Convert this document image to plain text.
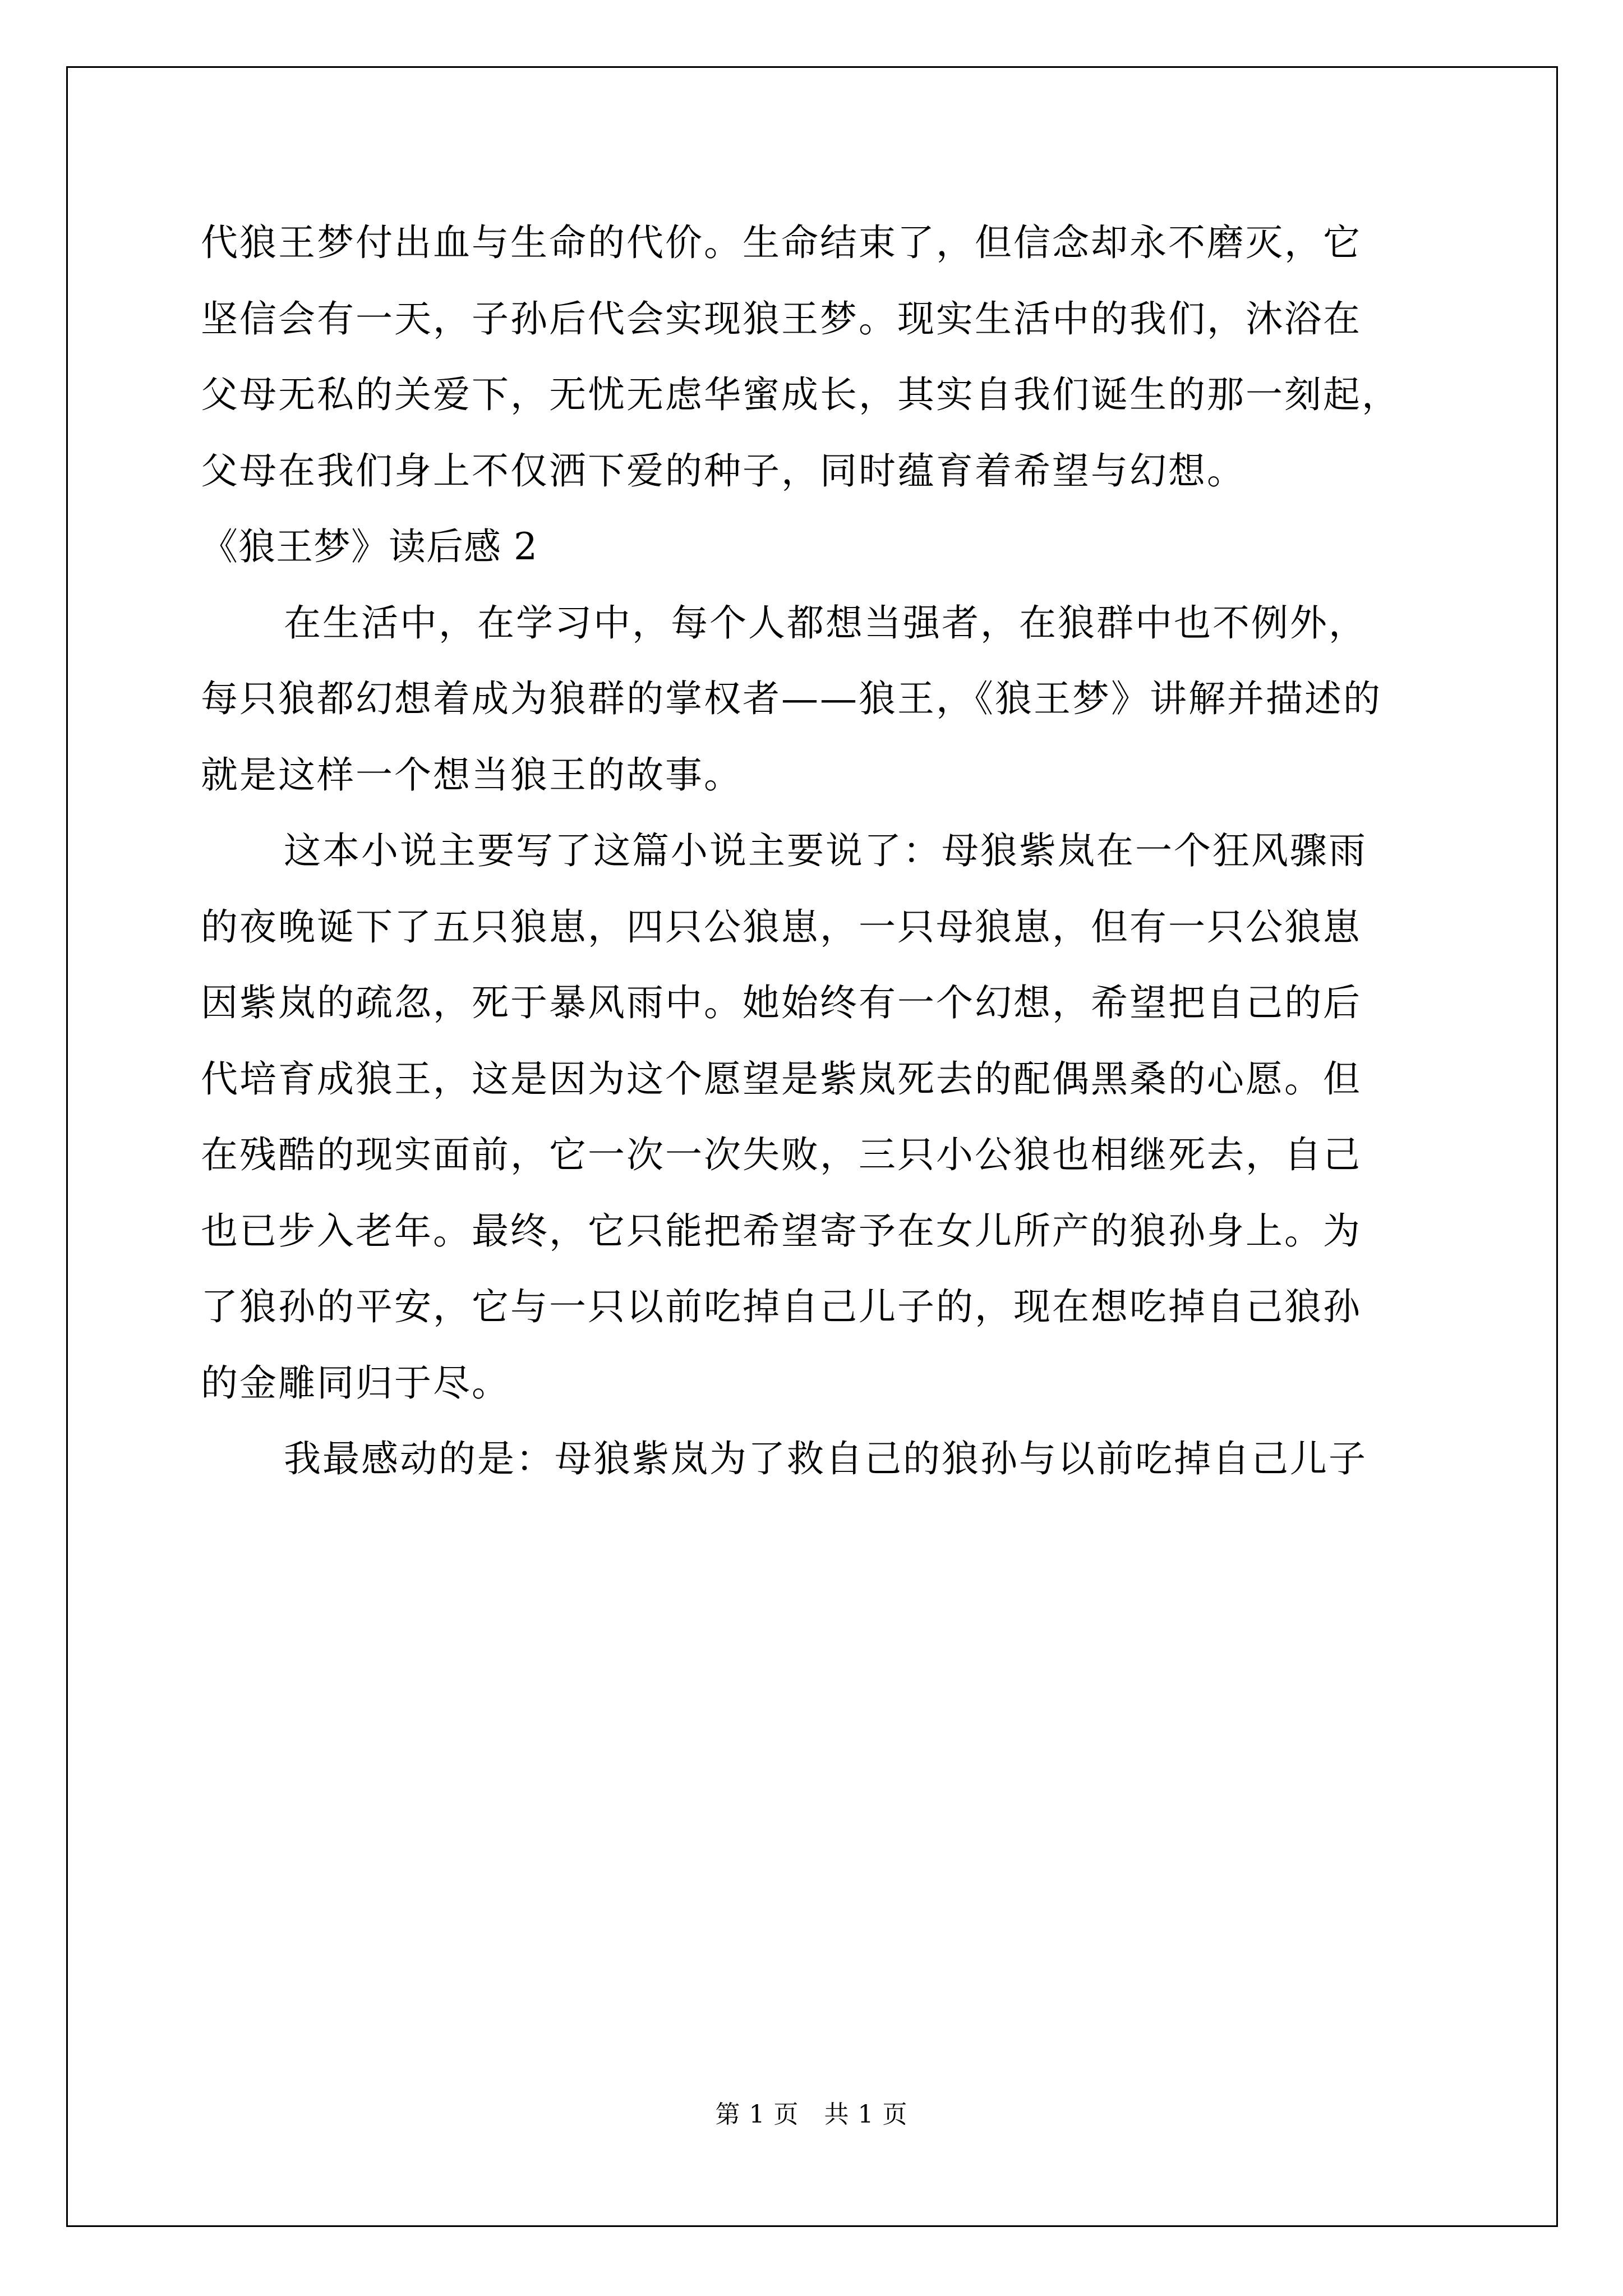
代狼王梦付出血与生命的代价。生命结束了，但信念却永不磨灭，它
坚信会有一天，子孙后代会实现狼王梦。现实生活中的我们，沐浴在
父母无私的关爱下，无忧无虑华蜜成长，其实自我们诞生的那一刻起，
父母在我们身上不仅洒下爱的种子，同时蕴育着希望与幻想。
《狼王梦》读后感 2
在生活中，在学习中，每个人都想当强者，在狼群中也不例外，
每只狼都幻想着成为狼群的掌权者——狼王，《狼王梦》讲解并描述的
就是这样一个想当狼王的故事。
这本小说主要写了这篇小说主要说了：母狼紫岚在一个狂风骤雨
的夜晚诞下了五只狼崽，四只公狼崽，一只母狼崽，但有一只公狼崽
因紫岚的疏忽，死于暴风雨中。她始终有一个幻想，希望把自己的后
代培育成狼王，这是因为这个愿望是紫岚死去的配偶黑桑的心愿。但
在残酷的现实面前，它一次一次失败，三只小公狼也相继死去，自己
也已步入老年。最终，它只能把希望寄予在女儿所产的狼孙身上。为
了狼孙的平安，它与一只以前吃掉自己儿子的，现在想吃掉自己狼孙
的金雕同归于尽。
我最感动的是：母狼紫岚为了救自己的狼孙与以前吃掉自己儿子
第 1 页　共 1 页
